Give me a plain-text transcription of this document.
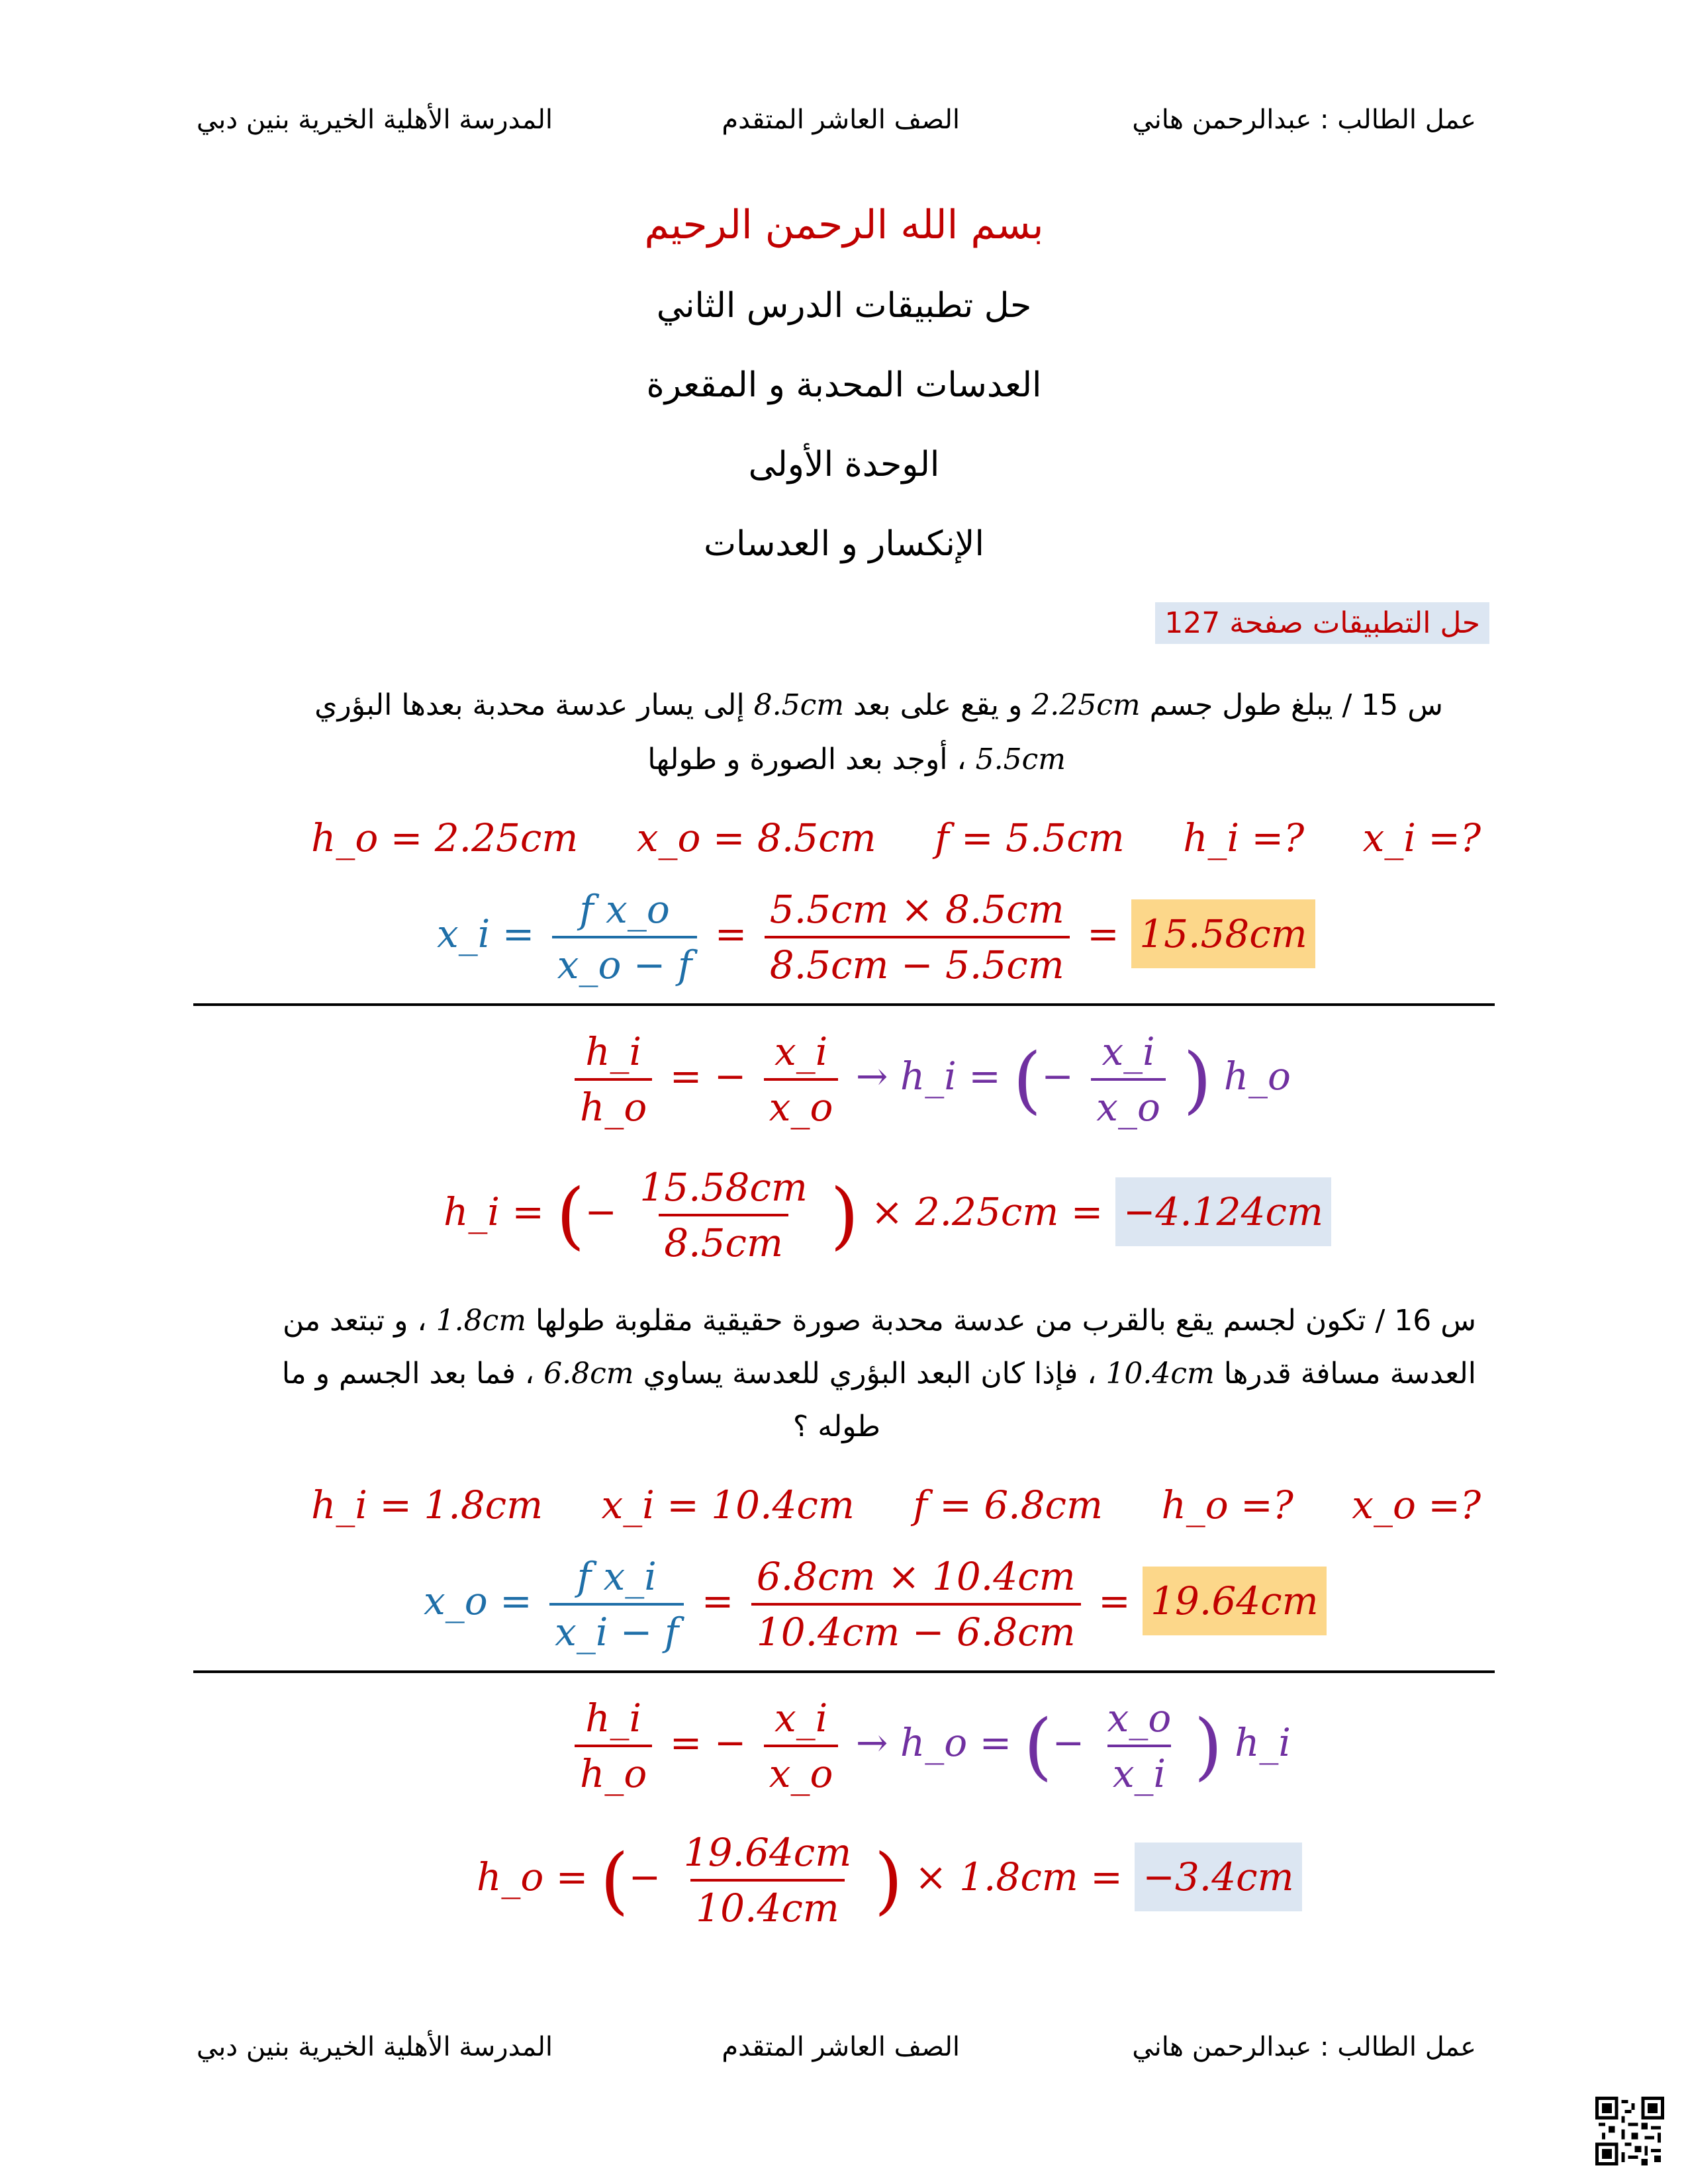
عمل الطالب : عبدالرحمن هاني
الصف العاشر المتقدم
المدرسة الأهلية الخيرية بنين دبي
بسم الله الرحمن الرحيم
حل تطبيقات الدرس الثاني
العدسات المحدبة و المقعرة
الوحدة الأولى
الإنكسار و العدسات
حل التطبيقات صفحة 127
س 15 / يبلغ طول جسم 2.25cm و يقع على بعد 8.5cm إلى يسار عدسة محدبة بعدها البؤري
5.5cm ، أوجد بعد الصورة و طولها
h_o = 2.25cm x_o = 8.5cm f = 5.5cm h_i =? x_i =?
x_i = $\frac{\text{f x\_o}}{x\_o - f} = \frac{5.5cm \times 8.5cm}{8.5cm - 5.5cm} = 15.58cm$
$\frac{h\_i}{h\_o}$ = − $\frac{x\_i}{x\_o}$ → h_i = (− $\frac{x\_i}{x\_o}$ ) h_o
h_i = (− $\frac{15.58cm}{8.5cm}$ ) × 2.25cm = −4.124cm
س 16 / تكون لجسم يقع بالقرب من عدسة محدبة صورة حقيقية مقلوبة طولها 1.8cm ، و تبتعد من
العدسة مسافة قدرها 10.4cm ، فإذا كان البعد البؤري للعدسة يساوي 6.8cm ، فما بعد الجسم و ما
طوله ؟
h_i = 1.8cm x_i = 10.4cm f = 6.8cm h_o =? x_o =?
x_o = $\frac{\text{f x\_i}}{x\_i - f} = \frac{6.8cm \times 10.4cm}{10.4cm - 6.8cm} = 19.64cm$
$\frac{h\_i}{h\_o}$ = − $\frac{x\_i}{x\_o}$ → h_o = (− $\frac{x\_o}{x\_i}$ ) h_i
h_o = (− $\frac{19.64cm}{10.4cm}$ ) × 1.8cm = −3.4cm
عمل الطالب : عبدالرحمن هاني
الصف العاشر المتقدم
المدرسة الأهلية الخيرية بنين دبي
